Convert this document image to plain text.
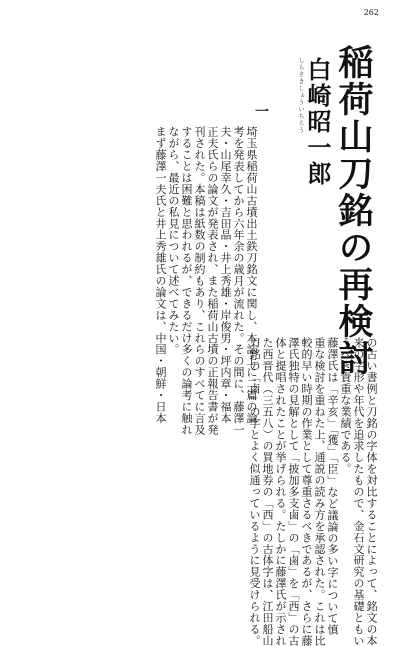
262
稲荷山刀銘の再検討
しらさきしょういちろう 白崎昭一郎
一
埼玉県稲荷山古墳出土鉄刀銘文に関し、本誌上に二篇の論
考を発表してから六年余の歳月が流れた。その間に、藤澤一
夫・山尾幸久・吉田晶・井上秀雄・岸俊男・坪内章・福本
正夫氏らの論文が発表され、また稲荷山古墳の正報告書が発
刊された。本稿は紙数の制約もあり、これらのすべてに言及
することは困難と思われるが、できるだけ多くの論考に触れ
ながら、最近の私見について述べてみたい。
まず藤澤一夫氏と井上秀雄氏の論文は、中国・朝鮮・日本
の古い書例と刀銘の字体を対比することによって、銘文の本
来の字形や年代を追求したもので、金石文研究の基礎ともい
うべき貴重な業績である。
藤澤氏は「辛亥」「獲」「臣」など議論の多い字について慎
重な検討を重ねた上、通説の読み方を承認された。これは比
較的早い時期の作業として尊重さるべきであるが、さらに藤
澤氏独特の見解として「披加多支鹵」の「鹵」を「西」の古
体と提唱されたことが挙げられる。たしかに藤澤氏が示され
た西晋代（三五八）の買地券の「西」の古体字は、江田船山
刀銘の「鹵」の字とよく似通っているように見受けられる。
